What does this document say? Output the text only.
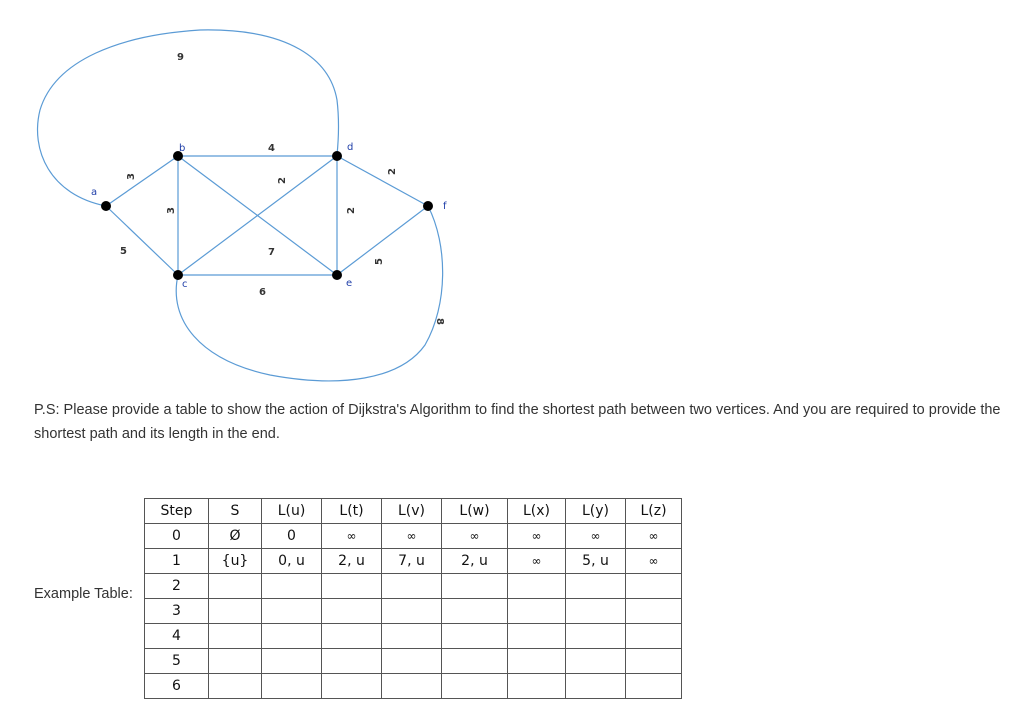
a
b
c
d
e
f
9
3
5
3
4
2
7
6
2
2
5
8
P.S: Please provide a table to show the action of Dijkstra's Algorithm to find the shortest path between two vertices. And you are required to provide the shortest path and its length in the end.
Example Table:
Step	S	L(u)	L(t)	L(v)	L(w)	L(x)	L(y)	L(z)
0	Ø	0	∞	∞	∞	∞	∞	∞
1	{u}	0, u	2, u	7, u	2, u	∞	5, u	∞
2								
3								
4								
5								
6								
